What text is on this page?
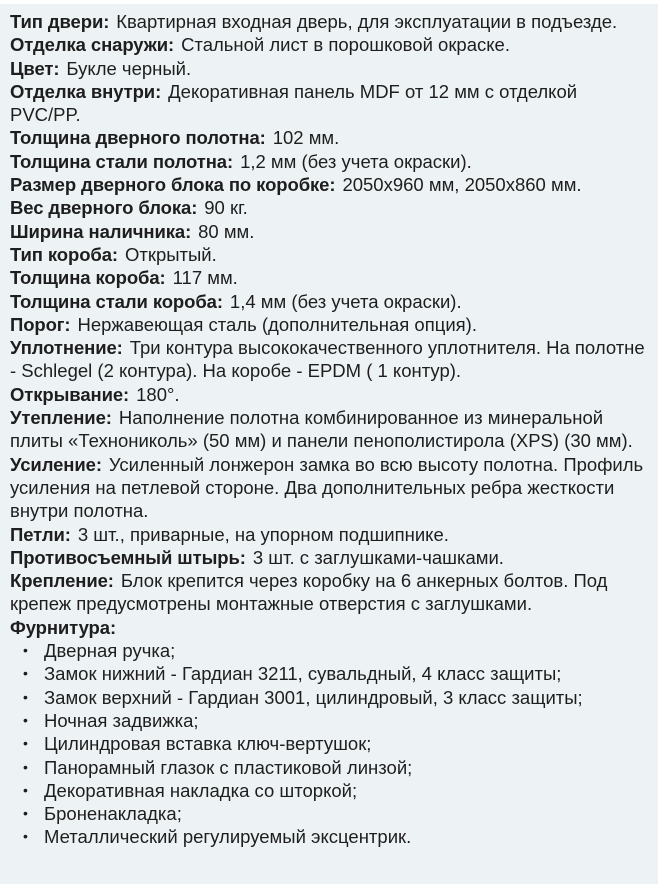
Тип двери: Квартирная входная дверь, для эксплуатации в подъезде.

Отделка снаружи: Стальной лист в порошковой окраске.

Цвет: Букле черный.

Отделка внутри: Декоративная панель MDF от 12 мм с отделкой PVC/PP.

Толщина дверного полотна: 102 мм.

Толщина стали полотна: 1,2 мм (без учета окраски).

Размер дверного блока по коробке: 2050х960 мм, 2050х860 мм.

Вес дверного блока: 90 кг.

Ширина наличника: 80 мм.

Тип короба: Открытый.

Толщина короба: 117 мм.

Толщина стали короба: 1,4 мм (без учета окраски).

Порог: Нержавеющая сталь (дополнительная опция).

Уплотнение: Три контура высококачественного уплотнителя. На полотне - Schlegel (2 контура). На коробе - EPDM ( 1 контур).

Открывание: 180°.

Утепление: Наполнение полотна комбинированное из минеральной плиты «Технониколь» (50 мм) и панели пенополистирола (XPS) (30 мм).

Усиление: Усиленный лонжерон замка во всю высоту полотна. Профиль усиления на петлевой стороне. Два дополнительных ребра жесткости внутри полотна.

Петли: 3 шт., приварные, на упорном подшипнике.

Противосъемный штырь: 3 шт. с заглушками-чашками.

Крепление: Блок крепится через коробку на 6 анкерных болтов. Под крепеж предусмотрены монтажные отверстия с заглушками.

Фурнитура:

• Дверная ручка;
• Замок нижний - Гардиан 3211, сувальдный, 4 класс защиты;
• Замок верхний - Гардиан 3001, цилиндровый, 3 класс защиты;
• Ночная задвижка;
• Цилиндровая вставка ключ-вертушок;
• Панорамный глазок с пластиковой линзой;
• Декоративная накладка со шторкой;
• Броненакладка;
• Металлический регулируемый эксцентрик.
